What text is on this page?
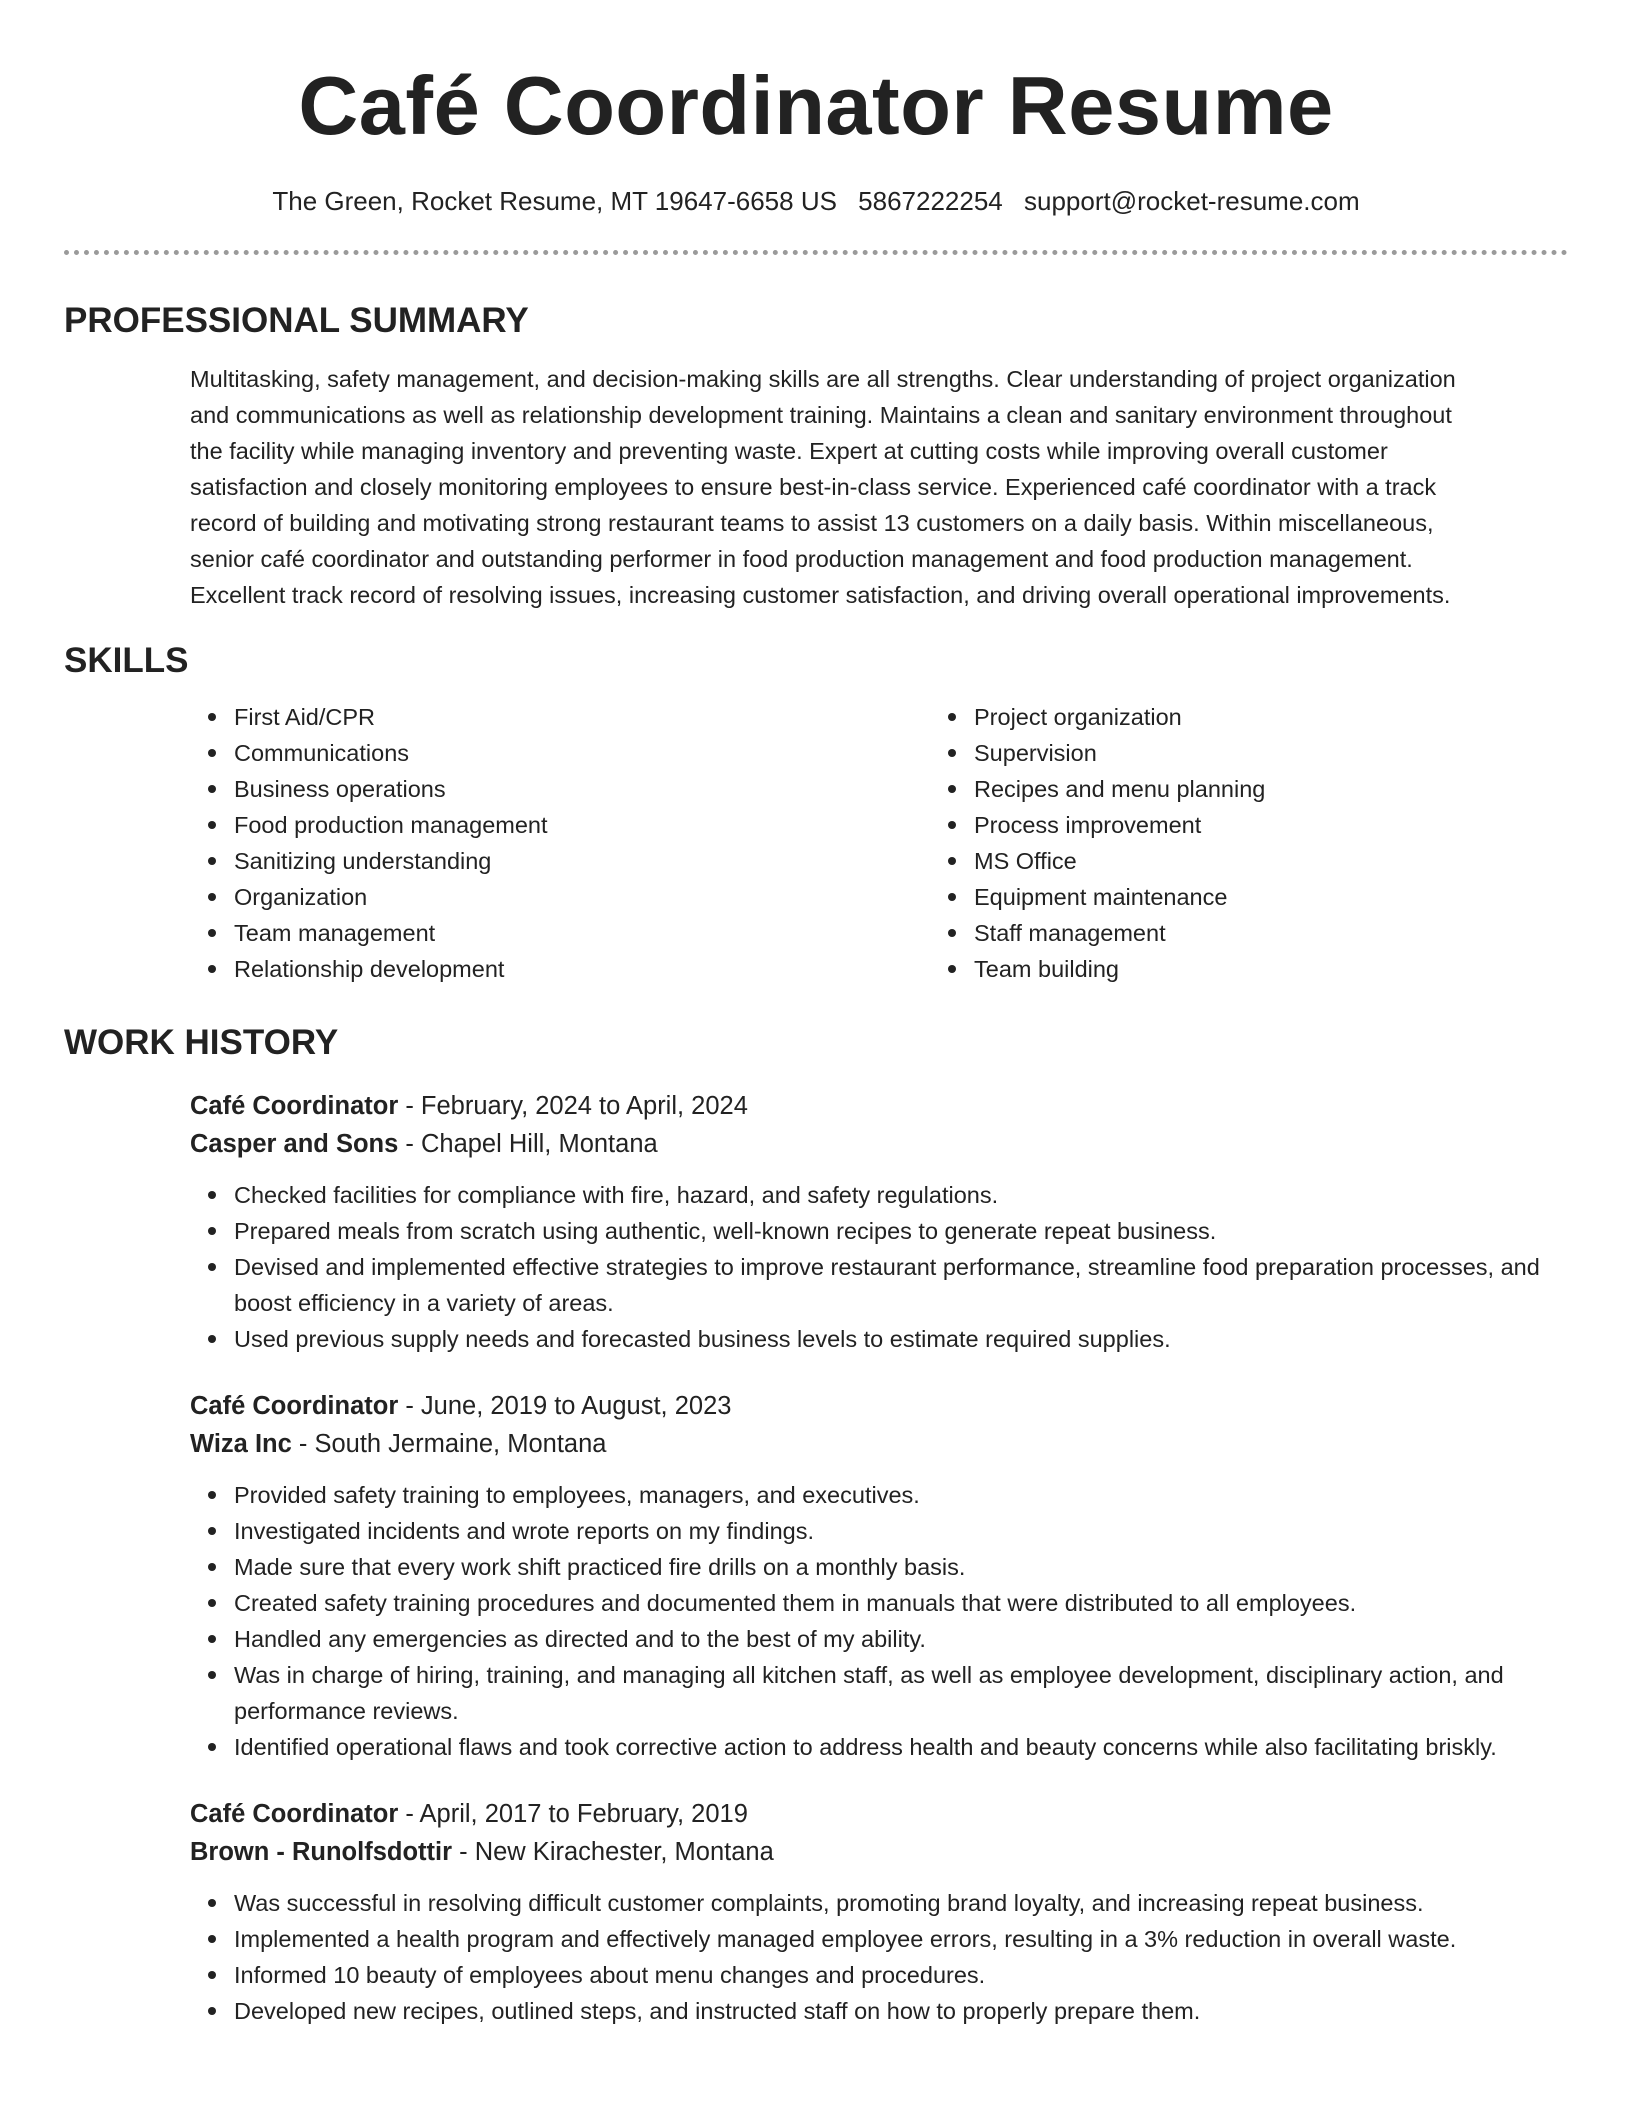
Café Coordinator Resume
The Green, Rocket Resume, MT 19647-6658 US 5867222254 support@rocket-resume.com
PROFESSIONAL SUMMARY
Multitasking, safety management, and decision-making skills are all strengths. Clear understanding of project organization
and communications as well as relationship development training. Maintains a clean and sanitary environment throughout
the facility while managing inventory and preventing waste. Expert at cutting costs while improving overall customer
satisfaction and closely monitoring employees to ensure best-in-class service. Experienced café coordinator with a track
record of building and motivating strong restaurant teams to assist 13 customers on a daily basis. Within miscellaneous,
senior café coordinator and outstanding performer in food production management and food production management.
Excellent track record of resolving issues, increasing customer satisfaction, and driving overall operational improvements.
SKILLS
First Aid/CPR
Communications
Business operations
Food production management
Sanitizing understanding
Organization
Team management
Relationship development
Project organization
Supervision
Recipes and menu planning
Process improvement
MS Office
Equipment maintenance
Staff management
Team building
WORK HISTORY
Café Coordinator - February, 2024 to April, 2024
Casper and Sons - Chapel Hill, Montana
Checked facilities for compliance with fire, hazard, and safety regulations.
Prepared meals from scratch using authentic, well-known recipes to generate repeat business.
Devised and implemented effective strategies to improve restaurant performance, streamline food preparation processes, and boost efficiency in a variety of areas.
Used previous supply needs and forecasted business levels to estimate required supplies.
Café Coordinator - June, 2019 to August, 2023
Wiza Inc - South Jermaine, Montana
Provided safety training to employees, managers, and executives.
Investigated incidents and wrote reports on my findings.
Made sure that every work shift practiced fire drills on a monthly basis.
Created safety training procedures and documented them in manuals that were distributed to all employees.
Handled any emergencies as directed and to the best of my ability.
Was in charge of hiring, training, and managing all kitchen staff, as well as employee development, disciplinary action, and performance reviews.
Identified operational flaws and took corrective action to address health and beauty concerns while also facilitating briskly.
Café Coordinator - April, 2017 to February, 2019
Brown - Runolfsdottir - New Kirachester, Montana
Was successful in resolving difficult customer complaints, promoting brand loyalty, and increasing repeat business.
Implemented a health program and effectively managed employee errors, resulting in a 3% reduction in overall waste.
Informed 10 beauty of employees about menu changes and procedures.
Developed new recipes, outlined steps, and instructed staff on how to properly prepare them.
